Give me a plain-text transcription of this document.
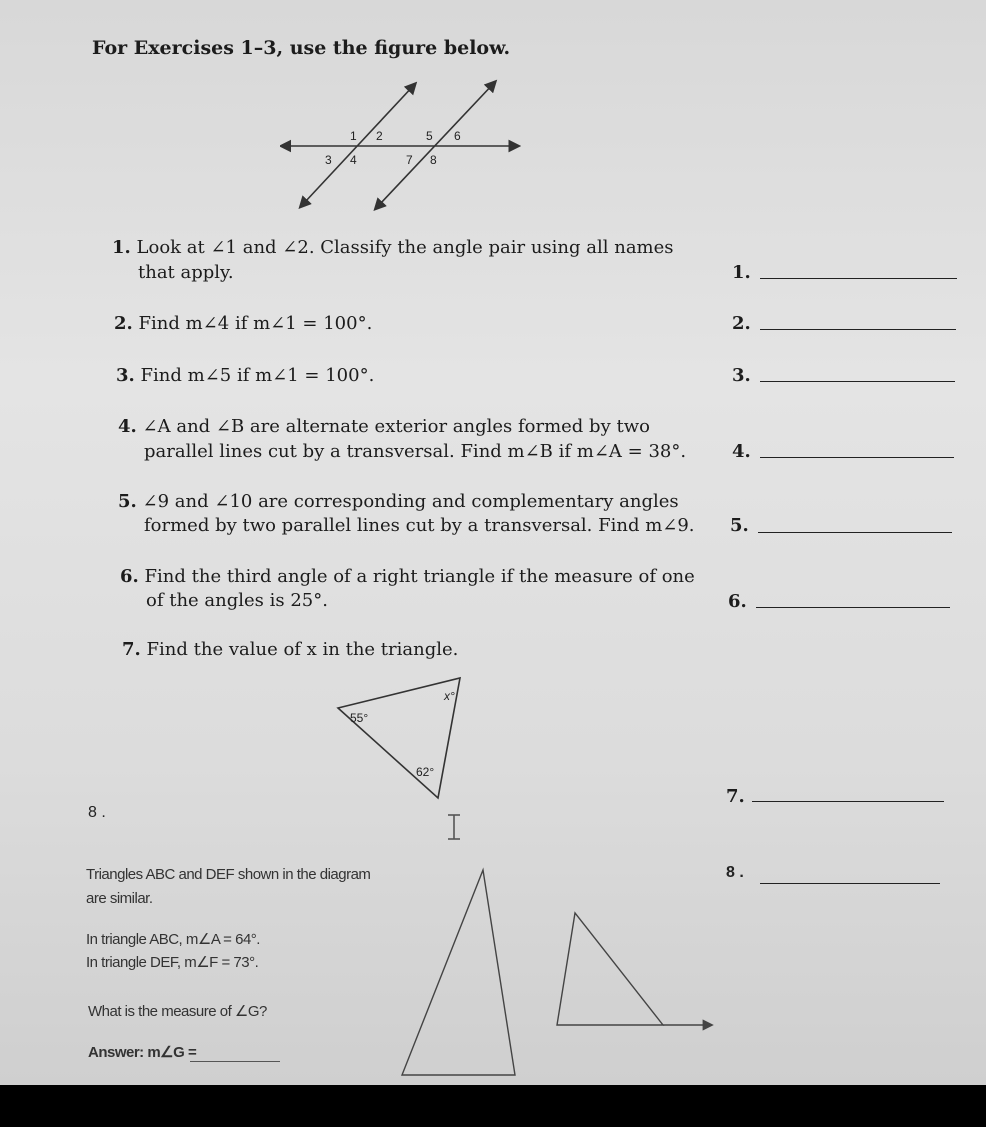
For Exercises 1–3, use the figure below.
1 2
3 4
5 6
7 8
1. Look at ∠1 and ∠2. Classify the angle pair using all names
that apply.	1.
2. Find m∠4 if m∠1 = 100°.	2.
3. Find m∠5 if m∠1 = 100°.	3.
4. ∠A and ∠B are alternate exterior angles formed by two
parallel lines cut by a transversal. Find m∠B if m∠A = 38°.	4.
5. ∠9 and ∠10 are corresponding and complementary angles
formed by two parallel lines cut by a transversal. Find m∠9. 5.
6. Find the third angle of a right triangle if the measure of one
of the angles is 25°.	6.
7. Find the value of x in the triangle.
55°
62°
x°
7.
8 .
Triangles ABC and DEF shown in the diagram
are similar.
In triangle ABC, m∠A = 64°.
In triangle DEF, m∠F = 73°.
What is the measure of ∠G?
Answer: m∠G =
8 .
